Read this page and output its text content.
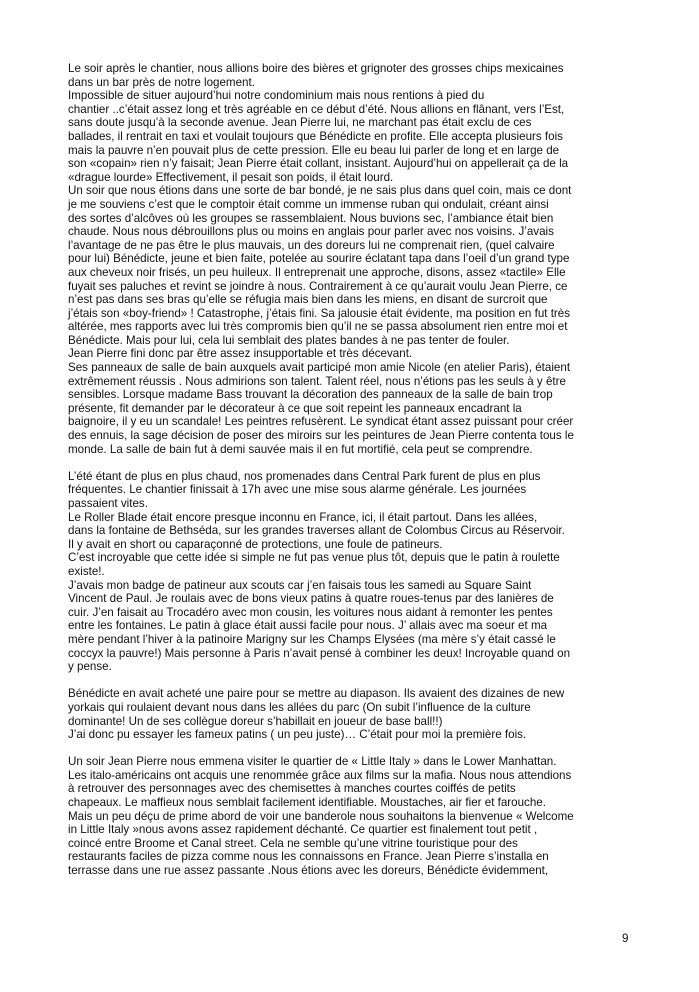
Le soir après le chantier, nous allions boire des bières et grignoter des grosses chips mexicaines
dans un bar près de notre logement.

Impossible de situer aujourd’hui notre condominium mais nous rentions à pied du
chantier ..c’était assez long et très agréable en ce début d’été. Nous allions en flânant, vers l’Est,
sans doute jusqu’à la seconde avenue. Jean Pierre lui, ne marchant pas était exclu de ces
ballades, il rentrait en taxi et voulait toujours que Bénédicte en profite. Elle accepta plusieurs fois
mais la pauvre n’en pouvait plus de cette pression. Elle eu beau lui parler de long et en large de
son «copain» rien n’y faisait; Jean Pierre était collant, insistant. Aujourd’hui on appellerait ça de la
«drague lourde» Effectivement, il pesait son poids, il était lourd.

Un soir que nous étions dans une sorte de bar bondé, je ne sais plus dans quel coin, mais ce dont
je me souviens c’est que le comptoir était comme un immense ruban qui ondulait, créant ainsi
des sortes d’alcôves où les groupes se rassemblaient. Nous buvions sec, l’ambiance était bien
chaude. Nous nous débrouillons plus ou moins en anglais pour parler avec nos voisins. J’avais
l’avantage de ne pas être le plus mauvais, un des doreurs lui ne comprenait rien, (quel calvaire
pour lui) Bénédicte, jeune et bien faite, potelée au sourire éclatant tapa dans l’oeil d’un grand type
aux cheveux noir frisés, un peu huileux. Il entreprenait une approche, disons, assez «tactile» Elle
fuyait ses paluches et revint se joindre à nous. Contrairement à ce qu’aurait voulu Jean Pierre, ce
n’est pas dans ses bras qu’elle se réfugia mais bien dans les miens, en disant de surcroit que
j’étais son «boy-friend» ! Catastrophe, j’étais fini. Sa jalousie était évidente, ma position en fut très
altérée, mes rapports avec lui très compromis bien qu’il ne se passa absolument rien entre moi et
Bénédicte. Mais pour lui, cela lui semblait des plates bandes à ne pas tenter de fouler.

Jean Pierre fini donc par être assez insupportable et très décevant.

Ses panneaux de salle de bain auxquels avait participé mon amie Nicole (en atelier Paris), étaient
extrêmement réussis . Nous admirions son talent. Talent réel, nous n’étions pas les seuls à y être
sensibles. Lorsque madame Bass trouvant la décoration des panneaux de la salle de bain trop
présente, fit demander par le décorateur à ce que soit repeint les panneaux encadrant la
baignoire, il y eu un scandale! Les peintres refusèrent. Le syndicat étant assez puissant pour créer
des ennuis, la sage décision de poser des miroirs sur les peintures de Jean Pierre contenta tous le
monde. La salle de bain fut à demi sauvée mais il en fut mortifié, cela peut se comprendre.

L’été étant de plus en plus chaud, nos promenades dans Central Park furent de plus en plus
fréquentes. Le chantier finissait à 17h avec une mise sous alarme générale. Les journées
passaient vites.

Le Roller Blade était encore presque inconnu en France, ici, il était partout. Dans les allées,
dans la fontaine de Bethséda, sur les grandes traverses allant de Colombus Circus au Réservoir.
Il y avait en short ou caparaçonné de protections, une foule de patineurs.

C’est incroyable que cette idée si simple ne fut pas venue plus tôt, depuis que le patin à roulette
existe!.

J’avais mon badge de patineur aux scouts car j’en faisais tous les samedi au Square Saint
Vincent de Paul. Je roulais avec de bons vieux patins à quatre roues-tenus par des lanières de
cuir. J’en faisait au Trocadéro avec mon cousin, les voitures nous aidant à remonter les pentes
entre les fontaines. Le patin à glace était aussi facile pour nous. J’ allais avec ma soeur et ma
mère pendant l’hiver à la patinoire Marigny sur les Champs Elysées (ma mère s’y était cassé le
coccyx la pauvre!) Mais personne à Paris n’avait pensé à combiner les deux! Incroyable quand on
y pense.

Bénédicte en avait acheté une paire pour se mettre au diapason. Ils avaient des dizaines de new
yorkais qui roulaient devant nous dans les allées du parc (On subit l’influence de la culture
dominante! Un de ses collègue doreur s’habillait en joueur de base ball!!)

J’ai donc pu essayer les fameux patins ( un peu juste)… C’était pour moi la première fois.

Un soir Jean Pierre nous emmena visiter le quartier de « Little Italy » dans le Lower Manhattan.
Les italo-américains ont acquis une renommée grâce aux films sur la mafia. Nous nous attendions
à retrouver des personnages avec des chemisettes à manches courtes coiffés de petits
chapeaux. Le maffieux nous semblait facilement identifiable. Moustaches, air fier et farouche.
Mais un peu déçu de prime abord de voir une banderole nous souhaitons la bienvenue « Welcome
in Little Italy »nous avons assez rapidement déchanté. Ce quartier est finalement tout petit ,
coincé entre Broome et Canal street. Cela ne semble qu’une vitrine touristique pour des
restaurants faciles de pizza comme nous les connaissons en France. Jean Pierre s’installa en
terrasse dans une rue assez passante .Nous étions avec les doreurs, Bénédicte évidemment,

9
